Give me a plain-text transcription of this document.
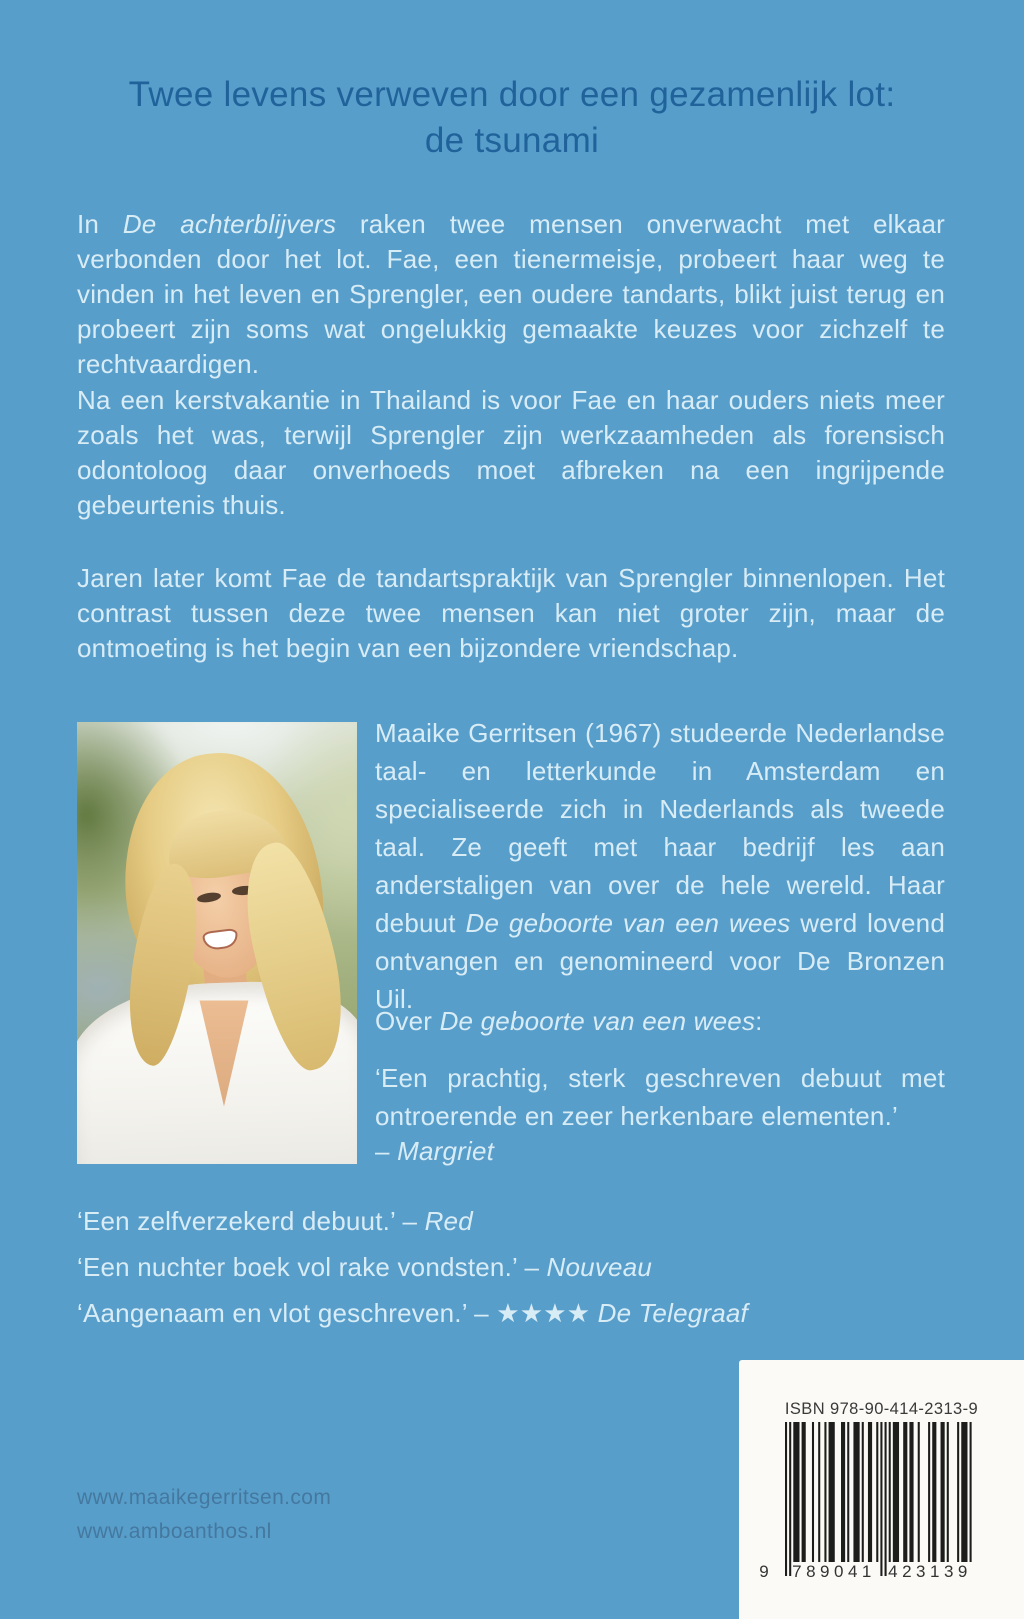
Twee levens verweven door een gezamenlijk lot:
de tsunami

In De achterblijvers raken twee mensen onverwacht met elkaar verbonden door het lot. Fae, een tienermeisje, probeert haar weg te vinden in het leven en Sprengler, een oudere tandarts, blikt juist terug en probeert zijn soms wat ongelukkig gemaakte keuzes voor zichzelf te rechtvaardigen.

Na een kerstvakantie in Thailand is voor Fae en haar ouders niets meer zoals het was, terwijl Sprengler zijn werkzaamheden als forensisch odontoloog daar onverhoeds moet afbreken na een ingrijpende gebeurtenis thuis.

Jaren later komt Fae de tandartspraktijk van Sprengler binnenlopen. Het contrast tussen deze twee mensen kan niet groter zijn, maar de ontmoeting is het begin van een bijzondere vriendschap.

Maaike Gerritsen (1967) studeerde Nederlandse taal- en letterkunde in Amsterdam en specialiseerde zich in Nederlands als tweede taal. Ze geeft met haar bedrijf les aan anderstaligen van over de hele wereld. Haar debuut De geboorte van een wees werd lovend ontvangen en genomineerd voor De Bronzen Uil.

Over De geboorte van een wees:

‘Een prachtig, sterk geschreven debuut met ontroerende en zeer herkenbare elementen.’

– Margriet

‘Een zelfverzekerd debuut.’ – Red

‘Een nuchter boek vol rake vondsten.’ – Nouveau

‘Aangenaam en vlot geschreven.’ – ★★★★ De Telegraaf

www.maaikegerritsen.com

www.amboanthos.nl

ISBN 978-90-414-2313-9
9	789041 423139
